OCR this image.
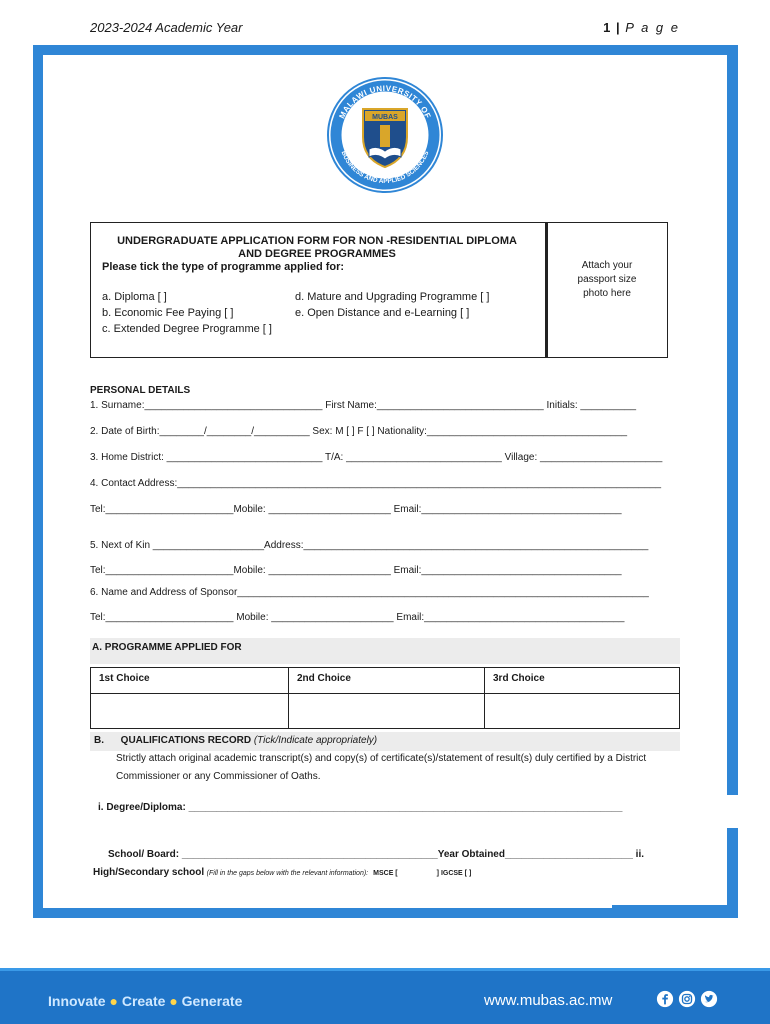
2023-2024 Academic Year	1 | P a g e
MALAWI UNIVERSITY OF
BUSINESS AND APPLIED SCIENCES
MUBAS
UNDERGRADUATE APPLICATION FORM FOR NON -RESIDENTIAL DIPLOMA
AND DEGREE PROGRAMMES
Please tick the type of programme applied for:
a. Diploma [ ]
b. Economic Fee Paying [ ]
c. Extended Degree Programme [ ]
d. Mature and Upgrading Programme [ ]
e. Open Distance and e-Learning [ ]
Attach your
passport size
photo here
PERSONAL DETAILS
1. Surname:________________________________ First Name:______________________________ Initials: __________
2. Date of Birth:________/________/__________ Sex: M [ ] F [ ] Nationality:____________________________________
3. Home District: ____________________________ T/A: ____________________________ Village: ______________________
4. Contact Address:_______________________________________________________________________________________
Tel:_______________________Mobile: ______________________ Email:____________________________________
5. Next of Kin ____________________Address:______________________________________________________________
Tel:_______________________Mobile: ______________________ Email:____________________________________
6. Name and Address of Sponsor__________________________________________________________________________
Tel:_______________________ Mobile: ______________________ Email:____________________________________
A. PROGRAMME APPLIED FOR
1st Choice	2nd Choice	3rd Choice

B. QUALIFICATIONS RECORD (Tick/Indicate appropriately)
Strictly attach original academic transcript(s) and copy(s) of certificate(s)/statement of result(s) duly certified by a District
Commissioner or any Commissioner of Oaths.
i. Degree/Diploma: ______________________________________________________________________________
School/ Board: ______________________________________________Year Obtained_______________________ ii.
High/Secondary school (Fill in the gaps below with the relevant information): MSCE [	] IGCSE [ ]
Innovate ● Create ● Generate	www.mubas.ac.mw
